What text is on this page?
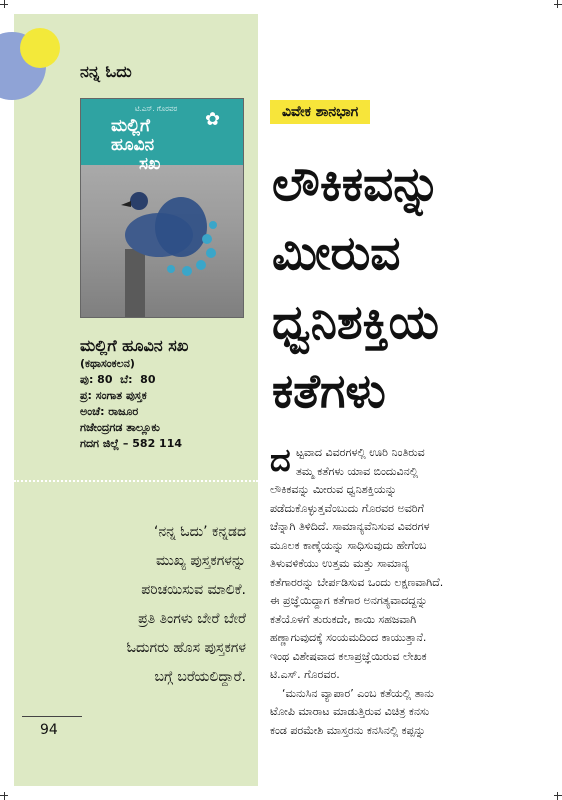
ನನ್ನ ಓದು
ಟಿ.ಎಸ್. ಗೊರವರ
ಮಲ್ಲಿಗೆ
ಹೂವಿನ
ಸಖ
✿
ಮಲ್ಲಿಗೆ ಹೂವಿನ ಸಖ
(ಕಥಾಸಂಕಲನ)
ಪು: 80  ಬೆ:  80
ಪ್ರ: ಸಂಗಾತ ಪುಸ್ತಕ
ಅಂಚೆ: ರಾಜೂರ
ಗಜೇಂದ್ರಗಡ ತಾಲ್ಲೂಕು
ಗದಗ ಜಿಲ್ಲೆ – 582 114
‘ನನ್ನ ಓದು’ ಕನ್ನಡದ
ಮುಖ್ಯ ಪುಸ್ತಕಗಳನ್ನು
ಪರಿಚಯಿಸುವ ಮಾಲಿಕೆ.
ಪ್ರತಿ ತಿಂಗಳು ಬೇರೆ ಬೇರೆ
ಓದುಗರು ಹೊಸ ಪುಸ್ತಕಗಳ
ಬಗ್ಗೆ ಬರೆಯಲಿದ್ದಾರೆ.
94
ವಿವೇಕ ಶಾನಭಾಗ
ಲೌಕಿಕವನ್ನು
ಮೀರುವ
ಧ್ವನಿಶಕ್ತಿಯ
ಕತೆಗಳು
ದ ಟ್ಟವಾದ ವಿವರಗಳಲ್ಲಿ ಊರಿ ನಿಂತಿರುವ
ತಮ್ಮ ಕತೆಗಳು ಯಾವ ಬಿಂದುವಿನಲ್ಲಿ
ಲೌಕಿಕವನ್ನು ಮೀರುವ ಧ್ವನಿಶಕ್ತಿಯನ್ನು
ಪಡೆದುಕೊಳ್ಳುತ್ತವೆಂಬುದು ಗೊರವರ ಅವರಿಗೆ
ಚೆನ್ನಾಗಿ ತಿಳಿದಿದೆ. ಸಾಮಾನ್ಯವೆನಿಸುವ ವಿವರಗಳ
ಮೂಲಕ ಕಾಣ್ಕೆಯನ್ನು ಸಾಧಿಸುವುದು ಹೇಗೆಂಬ
ತಿಳುವಳಿಕೆಯು ಉತ್ತಮ ಮತ್ತು ಸಾಮಾನ್ಯ
ಕತೆಗಾರರನ್ನು ಬೇರ್ಪಡಿಸುವ ಒಂದು ಲಕ್ಷಣವಾಗಿದೆ.
ಈ ಪ್ರಜ್ಞೆಯಿದ್ದಾಗ ಕತೆಗಾರ ಅನಗತ್ಯವಾದದ್ದನ್ನು
ಕತೆಯೊಳಗೆ ತುರುಕದೇ, ಕಾಯಿ ಸಹಜವಾಗಿ
ಹಣ್ಣಾಗುವುದಕ್ಕೆ ಸಂಯಮದಿಂದ ಕಾಯುತ್ತಾನೆ.
ಇಂಥ ವಿಶೇಷವಾದ ಕಲಾಪ್ರಜ್ಞೆಯಿರುವ ಲೇಖಕ
ಟಿ.ಎಸ್. ಗೊರವರ.
‘ಮನುಸಿನ ವ್ಯಾಪಾರ’ ಎಂಬ ಕತೆಯಲ್ಲಿ ತಾನು
ಟೋಪಿ ಮಾರಾಟ ಮಾಡುತ್ತಿರುವ ವಿಚಿತ್ರ ಕನಸು
ಕಂಡ ಪರಮೇಶಿ ಮಾಸ್ತರನು ಕನಸಿನಲ್ಲಿ ಕಪ್ಪನ್ನು
